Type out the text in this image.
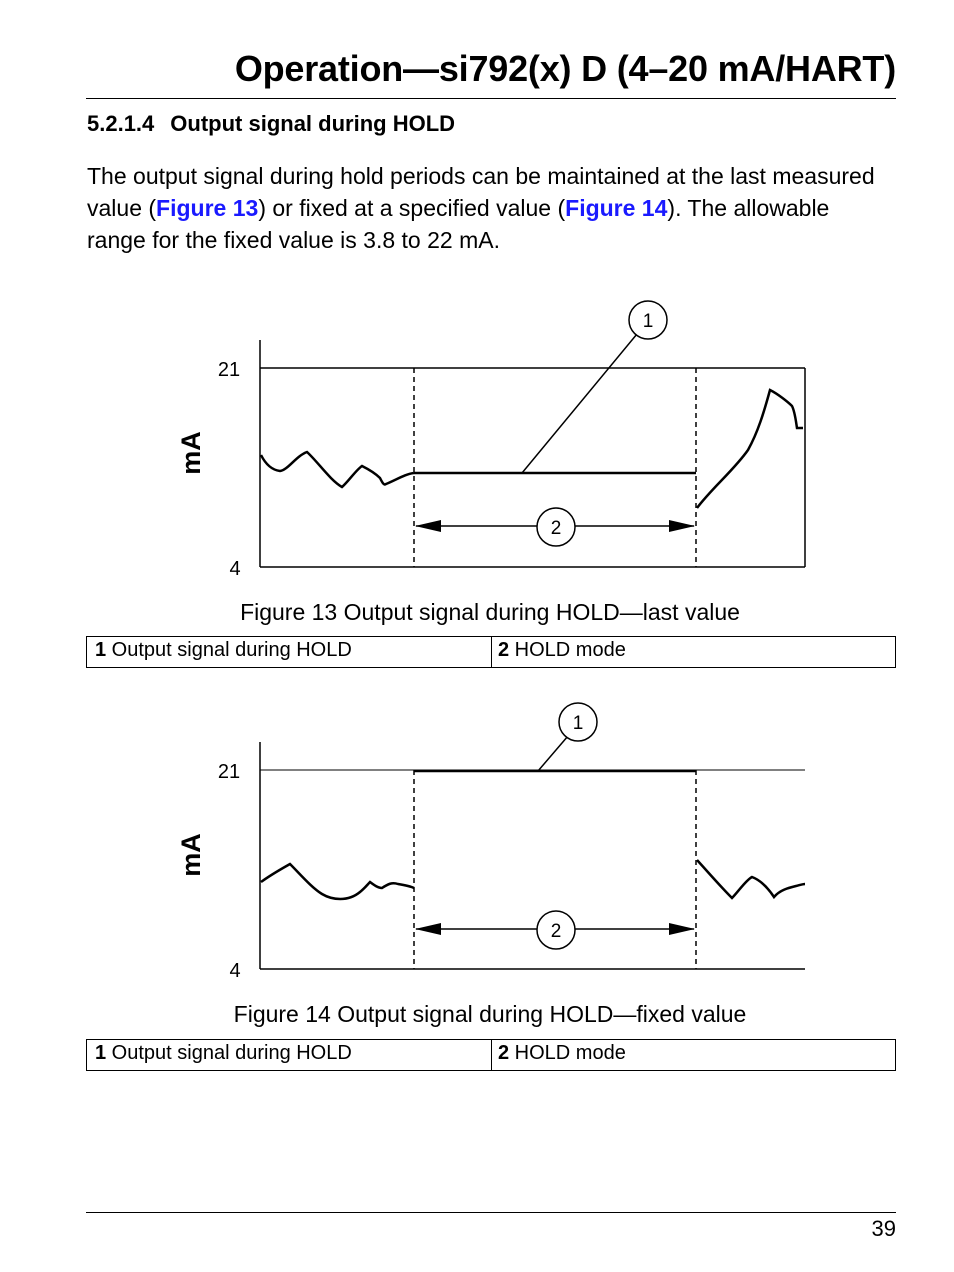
Operation—si792(x) D (4–20 mA/HART)
5.2.1.4 Output signal during HOLD
The output signal during hold periods can be maintained at the last measured value (Figure 13) or fixed at a specified value (Figure 14). The allowable range for the fixed value is 3.8 to 22 mA.
21
4
mA
1
2
Figure 13 Output signal during HOLD—last value
1 Output signal during HOLD	2 HOLD mode
21
4
mA
1
2
Figure 14 Output signal during HOLD—fixed value
1 Output signal during HOLD	2 HOLD mode
39
